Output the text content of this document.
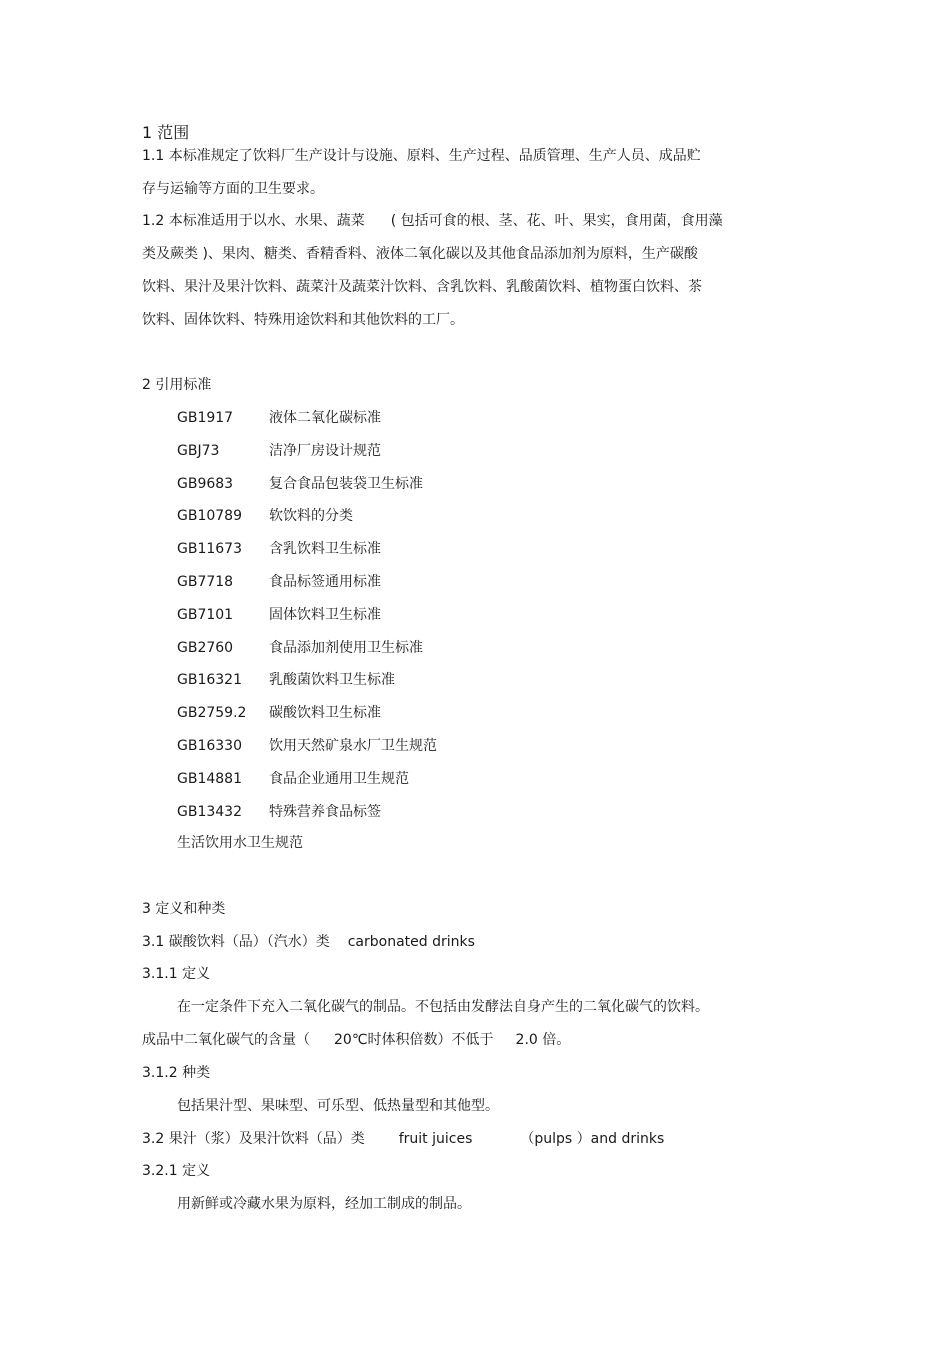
1 范围
1.1 本标准规定了饮料厂生产设计与设施、原料、生产过程、品质管理、生产人员、成品贮
存与运输等方面的卫生要求。
1.2 本标准适用于以水、水果、蔬菜 ( 包括可食的根、茎、花、叶、果实，食用菌，食用藻
类及蕨类 )、果肉、糖类、香精香料、液体二氧化碳以及其他食品添加剂为原料，生产碳酸
饮料、果汁及果汁饮料、蔬菜汁及蔬菜汁饮料、含乳饮料、乳酸菌饮料、植物蛋白饮料、茶
饮料、固体饮料、特殊用途饮料和其他饮料的工厂。
2 引用标准
GB1917	液体二氧化碳标准
GBJ73	洁净厂房设计规范
GB9683	复合食品包装袋卫生标准
GB10789 软饮料的分类
GB11673 含乳饮料卫生标准
GB7718	食品标签通用标准
GB7101	固体饮料卫生标准
GB2760	食品添加剂使用卫生标准
GB16321 乳酸菌饮料卫生标准
GB2759.2 碳酸饮料卫生标准
GB16330 饮用天然矿泉水厂卫生规范
GB14881 食品企业通用卫生规范
GB13432 特殊营养食品标签
生活饮用水卫生规范
3 定义和种类
3.1 碳酸饮料（品）（汽水）类 carbonated drinks
3.1.1 定义
在一定条件下充入二氧化碳气的制品。不包括由发酵法自身产生的二氧化碳气的饮料。
成品中二氧化碳气的含量（ 20℃时体积倍数）不低于 2.0 倍。
3.1.2 种类
包括果汁型、果味型、可乐型、低热量型和其他型。
3.2 果汁（浆）及果汁饮料（品）类 fruit juices	（pulps ）and drinks
3.2.1 定义
用新鲜或冷藏水果为原料，经加工制成的制品。
